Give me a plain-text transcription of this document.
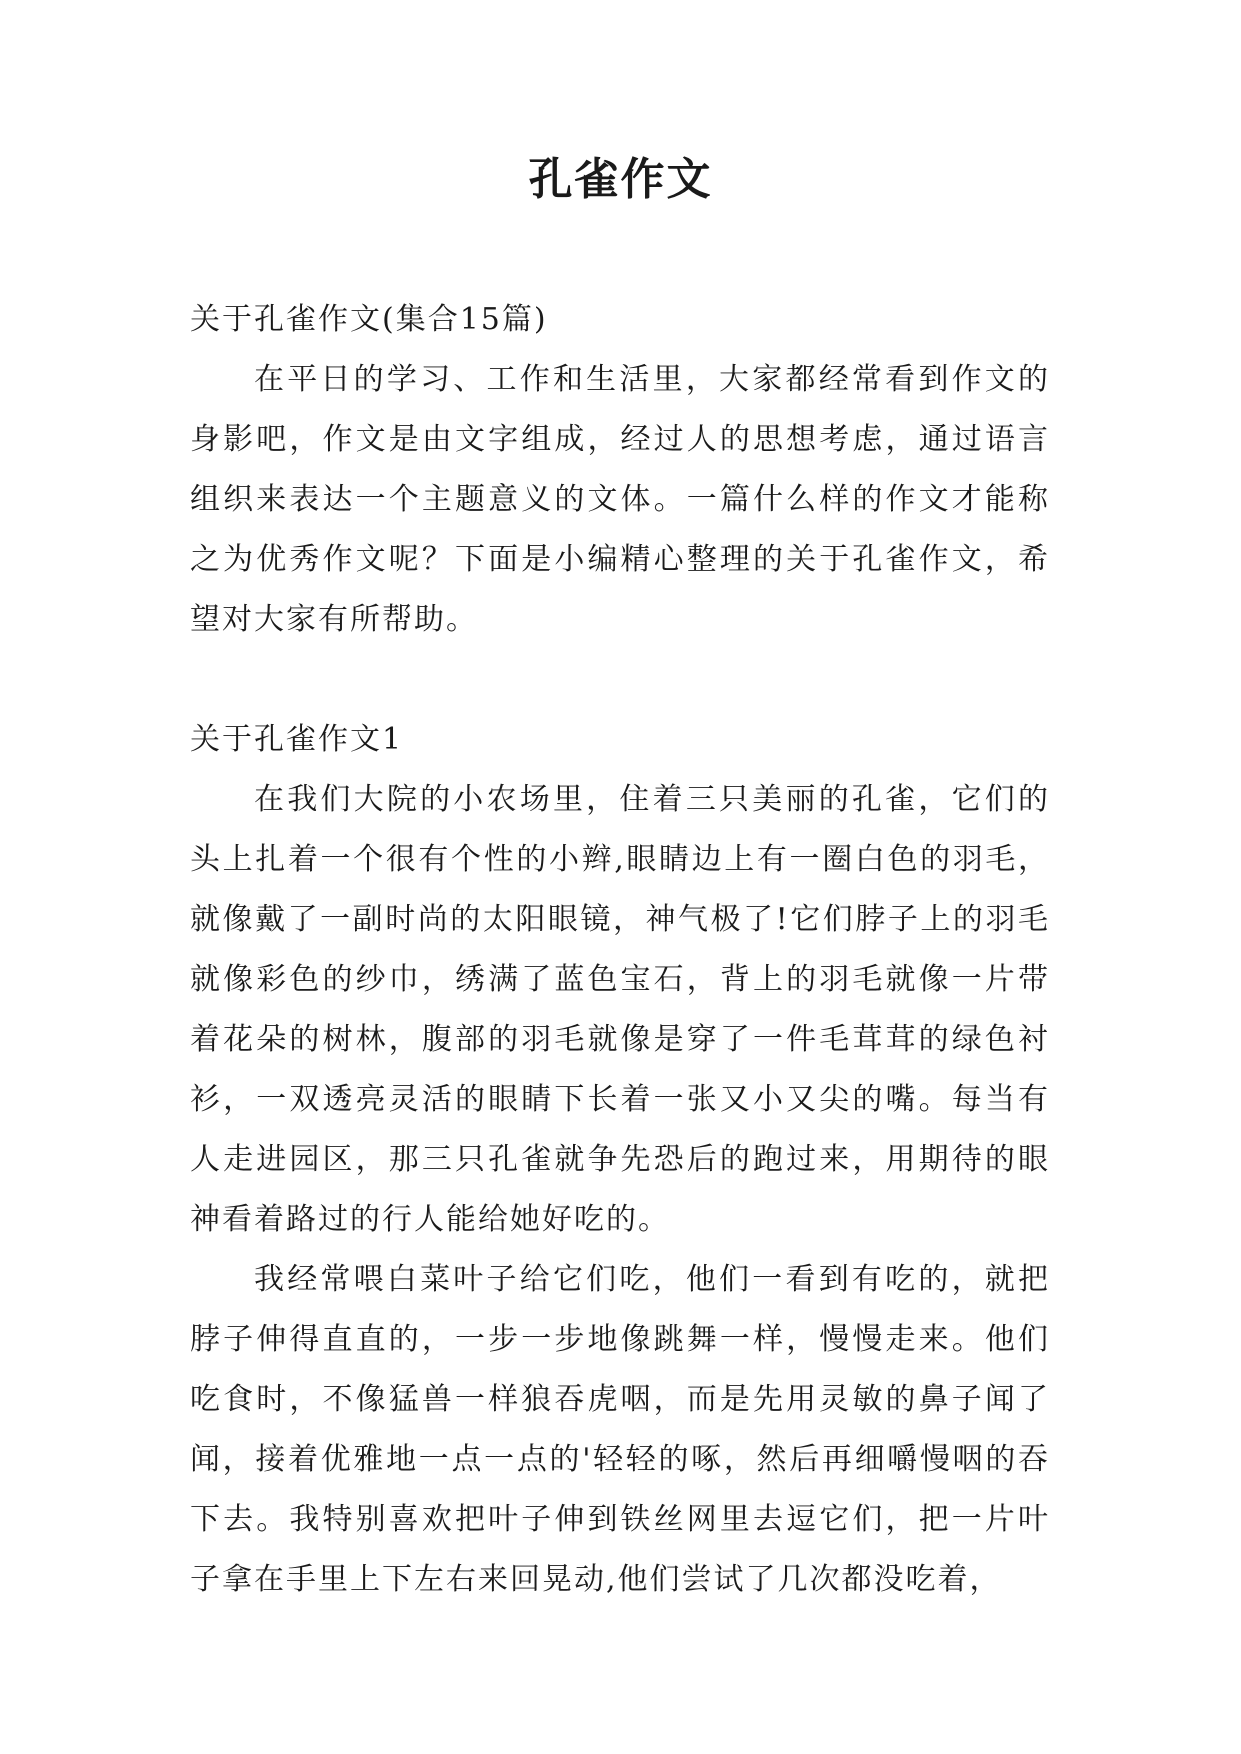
孔雀作文

关于孔雀作文(集合15篇)

在平日的学习、工作和生活里，大家都经常看到作文的身影吧，作文是由文字组成，经过人的思想考虑，通过语言组织来表达一个主题意义的文体。一篇什么样的作文才能称之为优秀作文呢？下面是小编精心整理的关于孔雀作文，希望对大家有所帮助。

关于孔雀作文1

在我们大院的小农场里，住着三只美丽的孔雀，它们的头上扎着一个很有个性的小辫,眼睛边上有一圈白色的羽毛，就像戴了一副时尚的太阳眼镜，神气极了!它们脖子上的羽毛就像彩色的纱巾，绣满了蓝色宝石，背上的羽毛就像一片带着花朵的树林，腹部的羽毛就像是穿了一件毛茸茸的绿色衬衫，一双透亮灵活的眼睛下长着一张又小又尖的嘴。每当有人走进园区，那三只孔雀就争先恐后的跑过来，用期待的眼神看着路过的行人能给她好吃的。

我经常喂白菜叶子给它们吃，他们一看到有吃的，就把脖子伸得直直的，一步一步地像跳舞一样，慢慢走来。他们吃食时，不像猛兽一样狼吞虎咽，而是先用灵敏的鼻子闻了闻，接着优雅地一点一点的'轻轻的啄，然后再细嚼慢咽的吞下去。我特别喜欢把叶子伸到铁丝网里去逗它们，把一片叶子拿在手里上下左右来回晃动,他们尝试了几次都没吃着，
